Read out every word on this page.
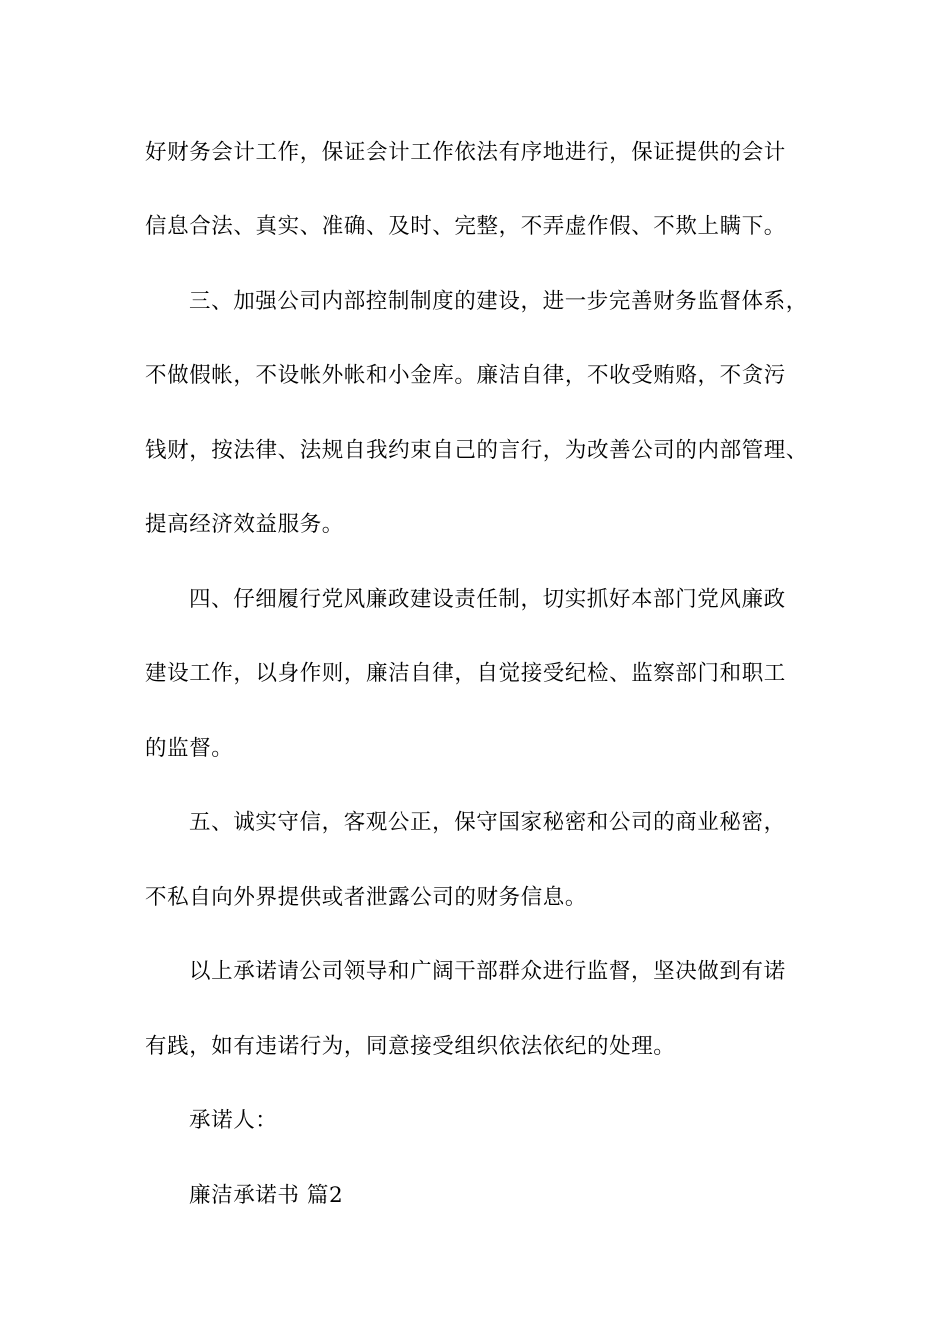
好财务会计工作，保证会计工作依法有序地进行，保证提供的会计
信息合法、真实、准确、及时、完整，不弄虚作假、不欺上瞒下。
三、加强公司内部控制制度的建设，进一步完善财务监督体系，
不做假帐，不设帐外帐和小金库。廉洁自律，不收受贿赂，不贪污
钱财，按法律、法规自我约束自己的言行，为改善公司的内部管理、
提高经济效益服务。
四、仔细履行党风廉政建设责任制，切实抓好本部门党风廉政
建设工作，以身作则，廉洁自律，自觉接受纪检、监察部门和职工
的监督。
五、诚实守信，客观公正，保守国家秘密和公司的商业秘密，
不私自向外界提供或者泄露公司的财务信息。
以上承诺请公司领导和广阔干部群众进行监督，坚决做到有诺
有践，如有违诺行为，同意接受组织依法依纪的处理。
承诺人：
廉洁承诺书 篇2
